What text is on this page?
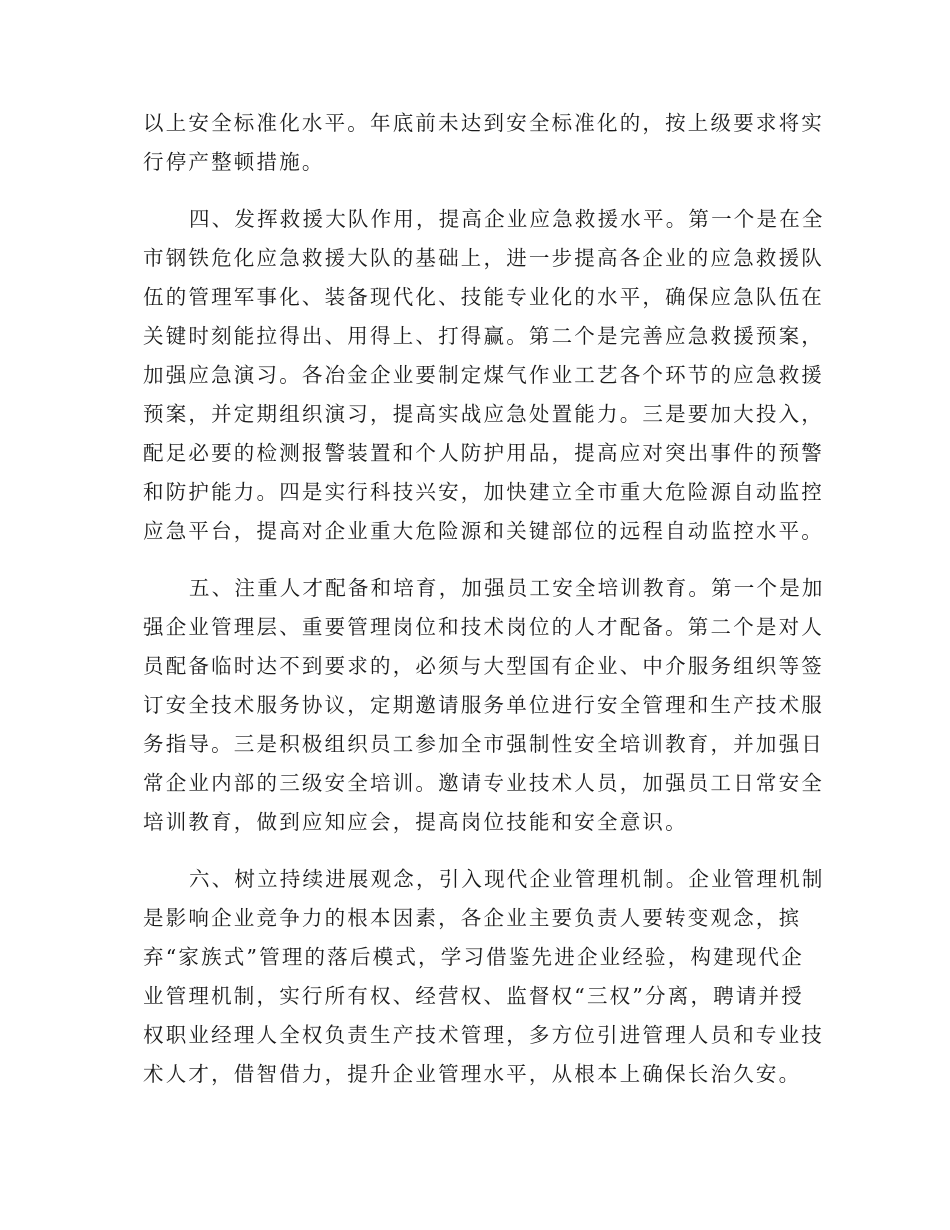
以上安全标准化水平。年底前未达到安全标准化的，按上级要求将实
行停产整顿措施。
四、发挥救援大队作用，提高企业应急救援水平。第一个是在全
市钢铁危化应急救援大队的基础上，进一步提高各企业的应急救援队
伍的管理军事化、装备现代化、技能专业化的水平，确保应急队伍在
关键时刻能拉得出、用得上、打得赢。第二个是完善应急救援预案，
加强应急演习。各冶金企业要制定煤气作业工艺各个环节的应急救援
预案，并定期组织演习，提高实战应急处置能力。三是要加大投入，
配足必要的检测报警装置和个人防护用品，提高应对突出事件的预警
和防护能力。四是实行科技兴安，加快建立全市重大危险源自动监控
应急平台，提高对企业重大危险源和关键部位的远程自动监控水平。
五、注重人才配备和培育，加强员工安全培训教育。第一个是加
强企业管理层、重要管理岗位和技术岗位的人才配备。第二个是对人
员配备临时达不到要求的，必须与大型国有企业、中介服务组织等签
订安全技术服务协议，定期邀请服务单位进行安全管理和生产技术服
务指导。三是积极组织员工参加全市强制性安全培训教育，并加强日
常企业内部的三级安全培训。邀请专业技术人员，加强员工日常安全
培训教育，做到应知应会，提高岗位技能和安全意识。
六、树立持续进展观念，引入现代企业管理机制。企业管理机制
是影响企业竞争力的根本因素，各企业主要负责人要转变观念，摈
弃“家族式”管理的落后模式，学习借鉴先进企业经验，构建现代企
业管理机制，实行所有权、经营权、监督权“三权”分离，聘请并授
权职业经理人全权负责生产技术管理，多方位引进管理人员和专业技
术人才，借智借力，提升企业管理水平，从根本上确保长治久安。
